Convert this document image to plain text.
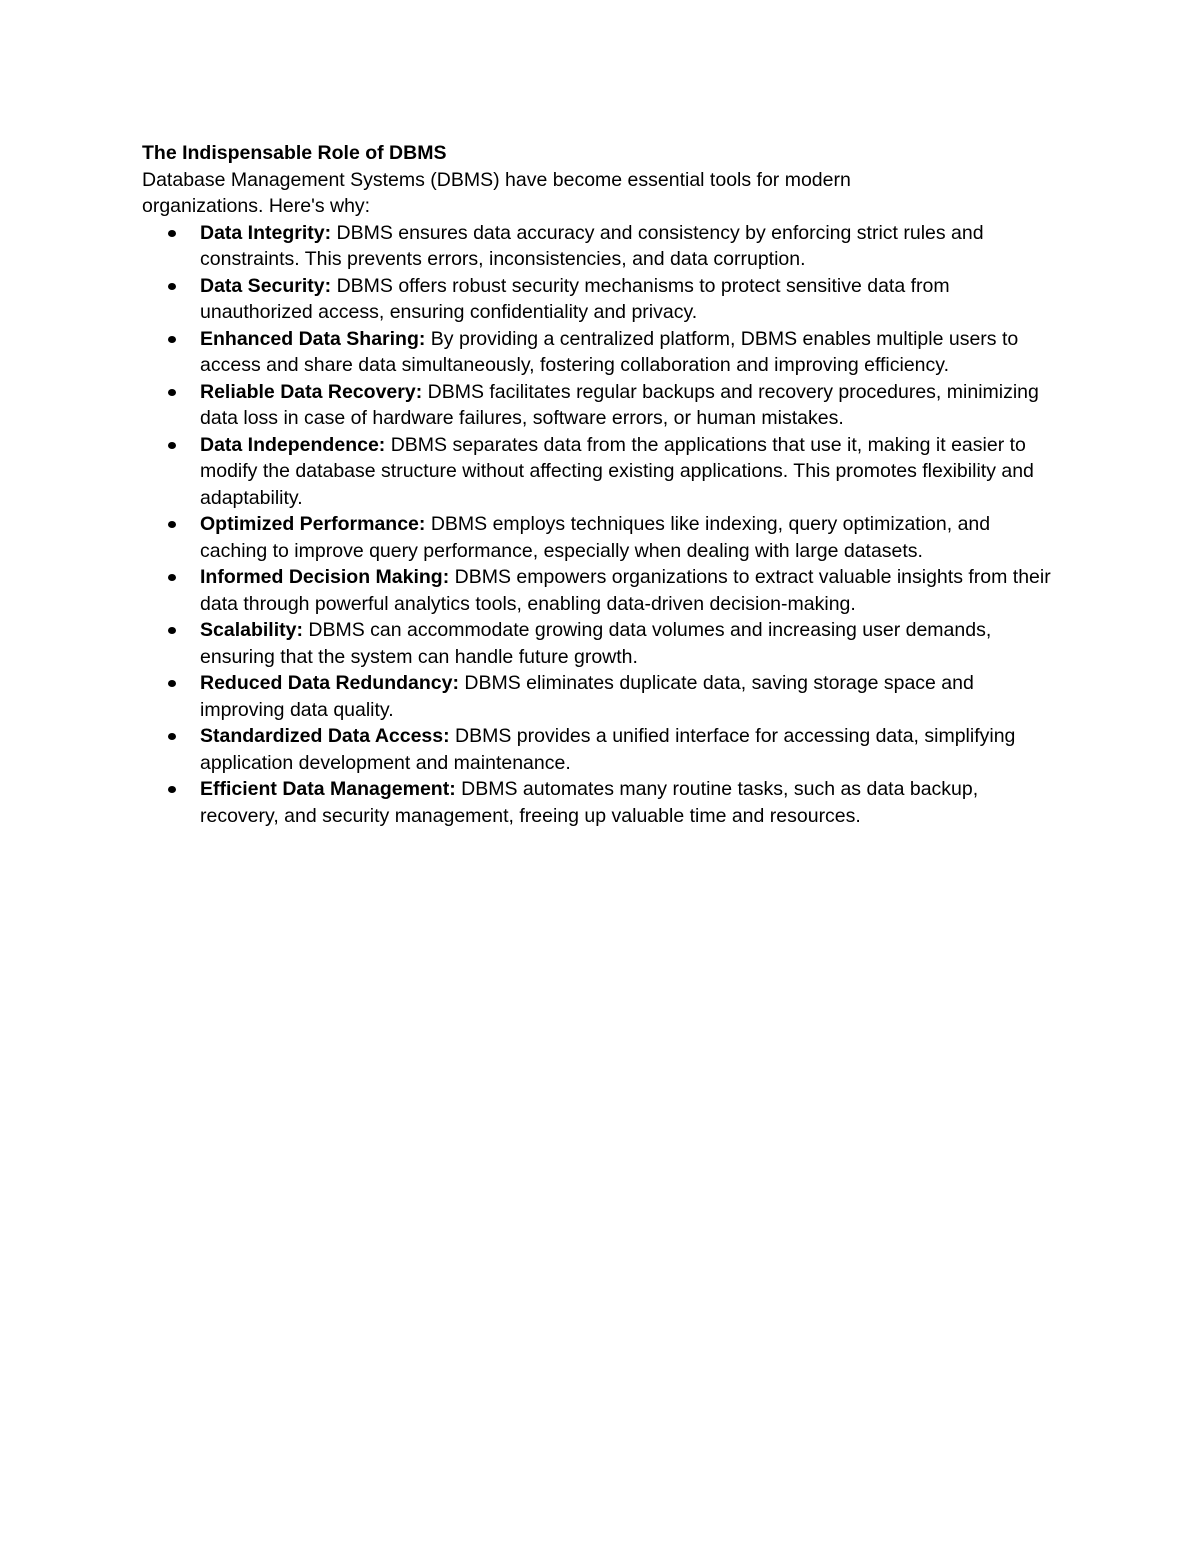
The Indispensable Role of DBMS

Database Management Systems (DBMS) have become essential tools for modern organizations. Here's why:

Data Integrity: DBMS ensures data accuracy and consistency by enforcing strict rules and constraints. This prevents errors, inconsistencies, and data corruption.
Data Security: DBMS offers robust security mechanisms to protect sensitive data from unauthorized access, ensuring confidentiality and privacy.
Enhanced Data Sharing: By providing a centralized platform, DBMS enables multiple users to access and share data simultaneously, fostering collaboration and improving efficiency.
Reliable Data Recovery: DBMS facilitates regular backups and recovery procedures, minimizing data loss in case of hardware failures, software errors, or human mistakes.
Data Independence: DBMS separates data from the applications that use it, making it easier to modify the database structure without affecting existing applications. This promotes flexibility and adaptability.
Optimized Performance: DBMS employs techniques like indexing, query optimization, and caching to improve query performance, especially when dealing with large datasets.
Informed Decision Making: DBMS empowers organizations to extract valuable insights from their data through powerful analytics tools, enabling data-driven decision-making.
Scalability: DBMS can accommodate growing data volumes and increasing user demands, ensuring that the system can handle future growth.
Reduced Data Redundancy: DBMS eliminates duplicate data, saving storage space and improving data quality.
Standardized Data Access: DBMS provides a unified interface for accessing data, simplifying application development and maintenance.
Efficient Data Management: DBMS automates many routine tasks, such as data backup, recovery, and security management, freeing up valuable time and resources.
